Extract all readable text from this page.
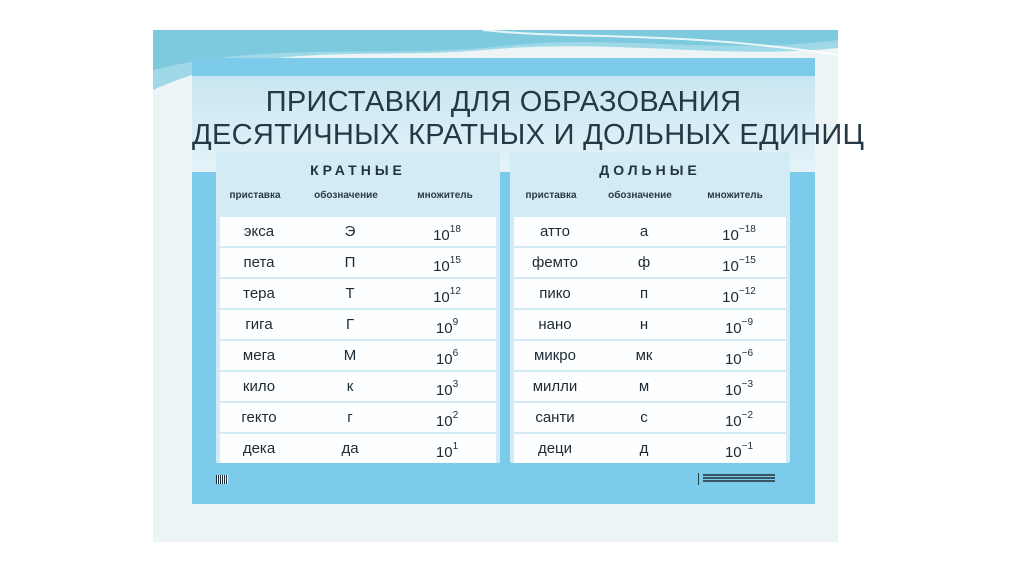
ПРИСТАВКИ ДЛЯ ОБРАЗОВАНИЯ
ДЕСЯТИЧНЫХ КРАТНЫХ И ДОЛЬНЫХ ЕДИНИЦ
КРАТНЫЕ
приставка	обозначение	множитель
экса	Э	$10^{18}$
пета	П	$10^{15}$
тера	Т	$10^{12}$
гига	Г	$10^9$
мега	М	$10^6$
кило	к	$10^3$
гекто	г	$10^2$
дека	да	$10^1$
ДОЛЬНЫЕ
приставка	обозначение	множитель
атто	а	$10^{-18}$
фемто	ф	$10^{-15}$
пико	п	$10^{-12}$
нано	н	$10^{-9}$
микро	мк	$10^{-6}$
милли	м	$10^{-3}$
санти	с	$10^{-2}$
деци	д	$10^{-1}$
